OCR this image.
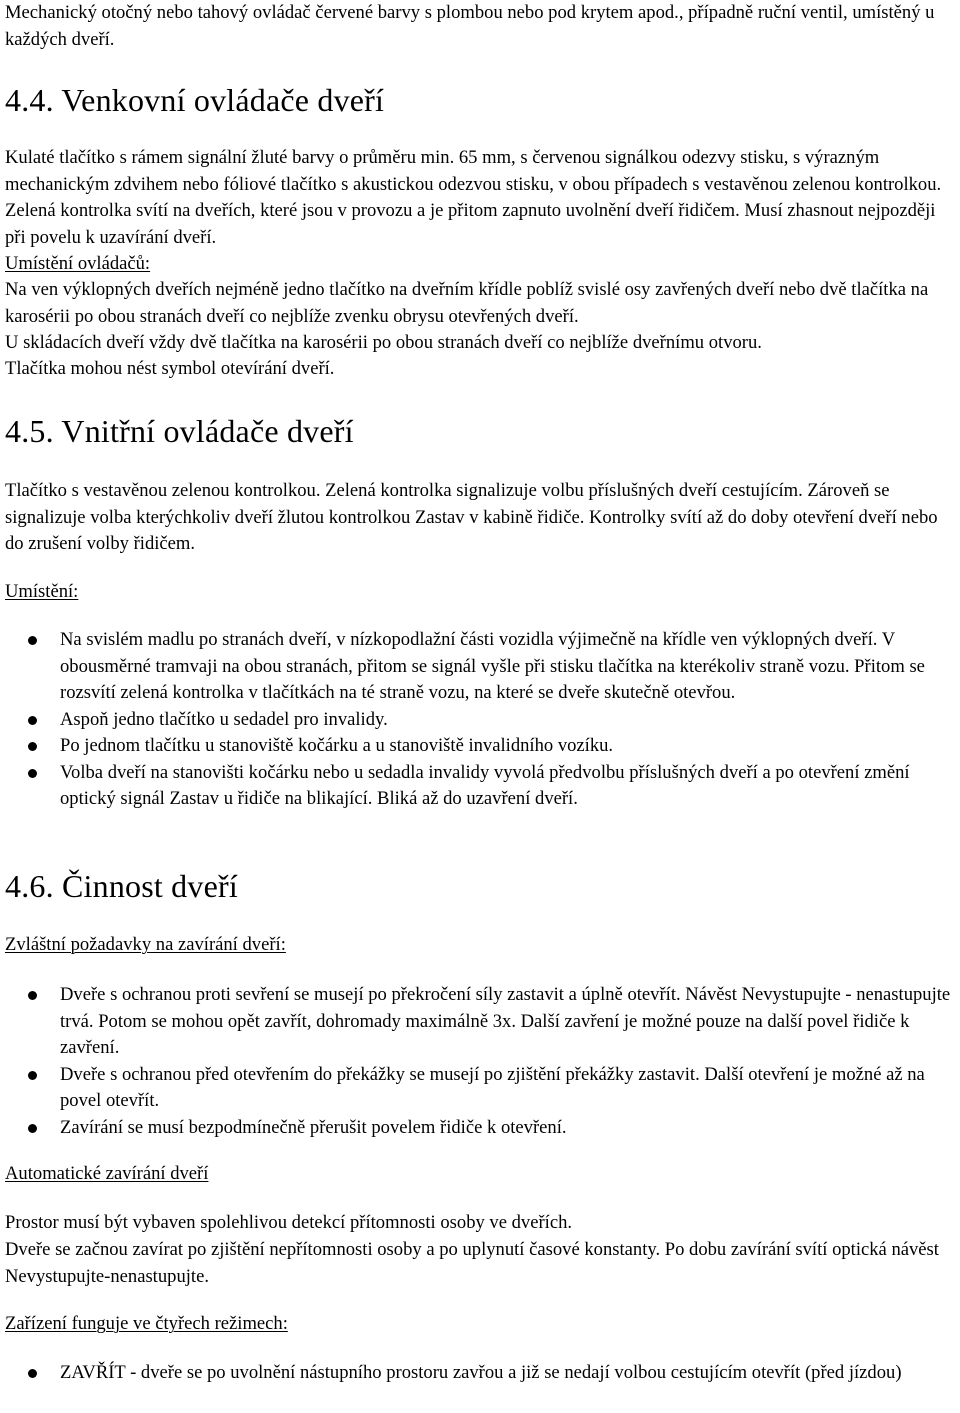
Mechanický otočný nebo tahový ovládač červené barvy s plombou nebo pod krytem apod., případně ruční ventil, umístěný u každých dveří.

4.4. Venkovní ovládače dveří

Kulaté tlačítko s rámem signální žluté barvy o průměru min. 65 mm, s červenou signálkou odezvy stisku, s výrazným mechanickým zdvihem nebo fóliové tlačítko s akustickou odezvou stisku, v obou případech s vestavěnou zelenou kontrolkou. Zelená kontrolka svítí na dveřích, které jsou v provozu a je přitom zapnuto uvolnění dveří řidičem. Musí zhasnout nejpozději při povelu k uzavírání dveří.

Umístění ovládačů:

Na ven výklopných dveřích nejméně jedno tlačítko na dveřním křídle poblíž svislé osy zavřených dveří nebo dvě tlačítka na karosérii po obou stranách dveří co nejblíže zvenku obrysu otevřených dveří.

U skládacích dveří vždy dvě tlačítka na karosérii po obou stranách dveří co nejblíže dveřnímu otvoru.

Tlačítka mohou nést symbol otevírání dveří.

4.5. Vnitřní ovládače dveří

Tlačítko s vestavěnou zelenou kontrolkou. Zelená kontrolka signalizuje volbu příslušných dveří cestujícím. Zároveň se signalizuje volba kterýchkoliv dveří žlutou kontrolkou Zastav v kabině řidiče. Kontrolky svítí až do doby otevření dveří nebo do zrušení volby řidičem.

Umístění:

Na svislém madlu po stranách dveří, v nízkopodlažní části vozidla výjimečně na křídle ven výklopných dveří. V obousměrné tramvaji na obou stranách, přitom se signál vyšle při stisku tlačítka na kterékoliv straně vozu. Přitom se rozsvítí zelená kontrolka v tlačítkách na té straně vozu, na které se dveře skutečně otevřou.
Aspoň jedno tlačítko u sedadel pro invalidy.
Po jednom tlačítku u stanoviště kočárku a u stanoviště invalidního vozíku.
Volba dveří na stanovišti kočárku nebo u sedadla invalidy vyvolá předvolbu příslušných dveří a po otevření změní optický signál Zastav u řidiče na blikající. Bliká až do uzavření dveří.
4.6. Činnost dveří

Zvláštní požadavky na zavírání dveří:

Dveře s ochranou proti sevření se musejí po překročení síly zastavit a úplně otevřít. Návěst Nevystupujte - nenastupujte trvá. Potom se mohou opět zavřít, dohromady maximálně 3x. Další zavření je možné pouze na další povel řidiče k zavření.
Dveře s ochranou před otevřením do překážky se musejí po zjištění překážky zastavit. Další otevření je možné až na povel otevřít.
Zavírání se musí bezpodmínečně přerušit povelem řidiče k otevření.

Automatické zavírání dveří

Prostor musí být vybaven spolehlivou detekcí přítomnosti osoby ve dveřích.

Dveře se začnou zavírat po zjištění nepřítomnosti osoby a po uplynutí časové konstanty. Po dobu zavírání svítí optická návěst Nevystupujte-nenastupujte.

Zařízení funguje ve čtyřech režimech:

ZAVŘÍT - dveře se po uvolnění nástupního prostoru zavřou a již se nedají volbou cestujícím otevřít (před jízdou)
